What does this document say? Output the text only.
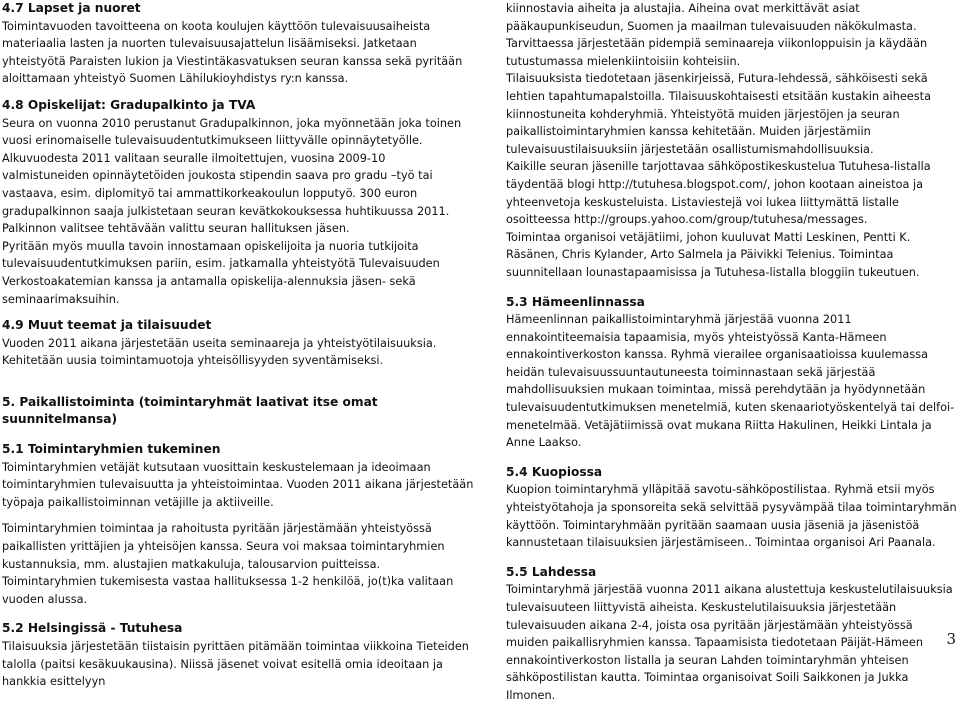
4.7 Lapset ja nuoret

Toimintavuoden tavoitteena on koota koulujen käyttöön tulevaisuusaiheista materiaalia lasten ja nuorten tulevaisuusajattelun lisäämiseksi. Jatketaan yhteistyötä Paraisten lukion ja Viestintäkasvatuksen seuran kanssa sekä pyritään aloittamaan yhteistyö Suomen Lähilukioyhdistys ry:n kanssa.

4.8 Opiskelijat: Gradupalkinto ja TVA

Seura on vuonna 2010 perustanut Gradupalkinnon, joka myönnetään joka toinen vuosi erinomaiselle tulevaisuudentutkimukseen liittyvälle opinnäytetyölle. Alkuvuodesta 2011 valitaan seuralle ilmoitettujen, vuosina 2009-10 valmistuneiden opinnäytetöiden joukosta stipendin saava pro gradu –työ tai vastaava, esim. diplomityö tai ammattikorkeakoulun lopputyö. 300 euron gradupalkinnon saaja julkistetaan seuran kevätkokouksessa huhtikuussa 2011. Palkinnon valitsee tehtävään valittu seuran hallituksen jäsen.

Pyritään myös muulla tavoin innostamaan opiskelijoita ja nuoria tutkijoita tulevaisuudentutkimuksen pariin, esim. jatkamalla yhteistyötä Tulevaisuuden Verkostoakatemian kanssa ja antamalla opiskelija-alennuksia jäsen- sekä seminaarimaksuihin.

4.9 Muut teemat ja tilaisuudet

Vuoden 2011 aikana järjestetään useita seminaareja ja yhteistyötilaisuuksia. Kehitetään uusia toimintamuotoja yhteisöllisyyden syventämiseksi.

5. Paikallistoiminta (toimintaryhmät laativat itse omat suunnitelmansa)
5.1 Toimintaryhmien tukeminen

Toimintaryhmien vetäjät kutsutaan vuosittain keskustelemaan ja ideoimaan toimintaryhmien tulevaisuutta ja yhteistoimintaa. Vuoden 2011 aikana järjestetään työpaja paikallistoiminnan vetäjille ja aktiiveille.

Toimintaryhmien toimintaa ja rahoitusta pyritään järjestämään yhteistyössä paikallisten yrittäjien ja yhteisöjen kanssa. Seura voi maksaa toimintaryhmien kustannuksia, mm. alustajien matkakuluja, talousarvion puitteissa. Toimintaryhmien tukemisesta vastaa hallituksessa 1-2 henkilöä, jo(t)ka valitaan vuoden alussa.

5.2 Helsingissä - Tutuhesa

Tilaisuuksia järjestetään tiistaisin pyrittäen pitämään toimintaa viikkoina Tieteiden talolla (paitsi kesäkuukausina). Niissä jäsenet voivat esitellä omia ideoitaan ja hankkia esittelyyn

kiinnostavia aiheita ja alustajia. Aiheina ovat merkittävät asiat pääkaupunkiseudun, Suomen ja maailman tulevaisuuden näkökulmasta. Tarvittaessa järjestetään pidempiä seminaareja viikonloppuisin ja käydään tutustumassa mielenkiintoisiin kohteisiin.

Tilaisuuksista tiedotetaan jäsenkirjeissä, Futura-lehdessä, sähköisesti sekä lehtien tapahtumapalstoilla. Tilaisuuskohtaisesti etsitään kustakin aiheesta kiinnostuneita kohderyhmiä. Yhteistyötä muiden järjestöjen ja seuran paikallistoimintaryhmien kanssa kehitetään. Muiden järjestämiin tulevaisuustilaisuuksiin järjestetään osallistumismahdollisuuksia.

Kaikille seuran jäsenille tarjottavaa sähköpostikeskustelua Tutuhesa-listalla täydentää blogi http://tutuhesa.blogspot.com/, johon kootaan aineistoa ja yhteenvetoja keskusteluista. Listaviestejä voi lukea liittymättä listalle osoitteessa http://groups.yahoo.com/group/tutuhesa/messages.

Toimintaa organisoi vetäjätiimi, johon kuuluvat Matti Leskinen, Pentti K. Räsänen, Chris Kylander, Arto Salmela ja Päivikki Telenius. Toimintaa suunnitellaan lounastapaamisissa ja Tutuhesa-listalla bloggiin tukeutuen.

5.3 Hämeenlinnassa

Hämeenlinnan paikallistoimintaryhmä järjestää vuonna 2011 ennakointiteemaisia tapaamisia, myös yhteistyössä Kanta-Hämeen ennakointiverkoston kanssa. Ryhmä vierailee organisaatioissa kuulemassa heidän tulevaisuussuuntautuneesta toiminnastaan sekä järjestää mahdollisuuksien mukaan toimintaa, missä perehdytään ja hyödynnetään tulevaisuudentutkimuksen menetelmiä, kuten skenaariotyöskentelyä tai delfoi-menetelmää. Vetäjätiimissä ovat mukana Riitta Hakulinen, Heikki Lintala ja Anne Laakso.

5.4 Kuopiossa

Kuopion toimintaryhmä ylläpitää savotu-sähköpostilistaa. Ryhmä etsii myös yhteistyötahoja ja sponsoreita sekä selvittää pysyvämpää tilaa toimintaryhmän käyttöön. Toimintaryhmään pyritään saamaan uusia jäseniä ja jäsenistöä kannustetaan tilaisuuksien järjestämiseen.. Toimintaa organisoi Ari Paanala.

5.5 Lahdessa

Toimintaryhmä järjestää vuonna 2011 aikana alustettuja keskustelutilaisuuksia tulevaisuuteen liittyvistä aiheista. Keskustelutilaisuuksia järjestetään tulevaisuuden aikana 2-4, joista osa pyritään järjestämään yhteistyössä muiden paikallisryhmien kanssa. Tapaamisista tiedotetaan Päijät-Hämeen ennakointiverkoston listalla ja seuran Lahden toimintaryhmän yhteisen sähköpostilistan kautta. Toimintaa organisoivat Soili Saikkonen ja Jukka Ilmonen.

3
